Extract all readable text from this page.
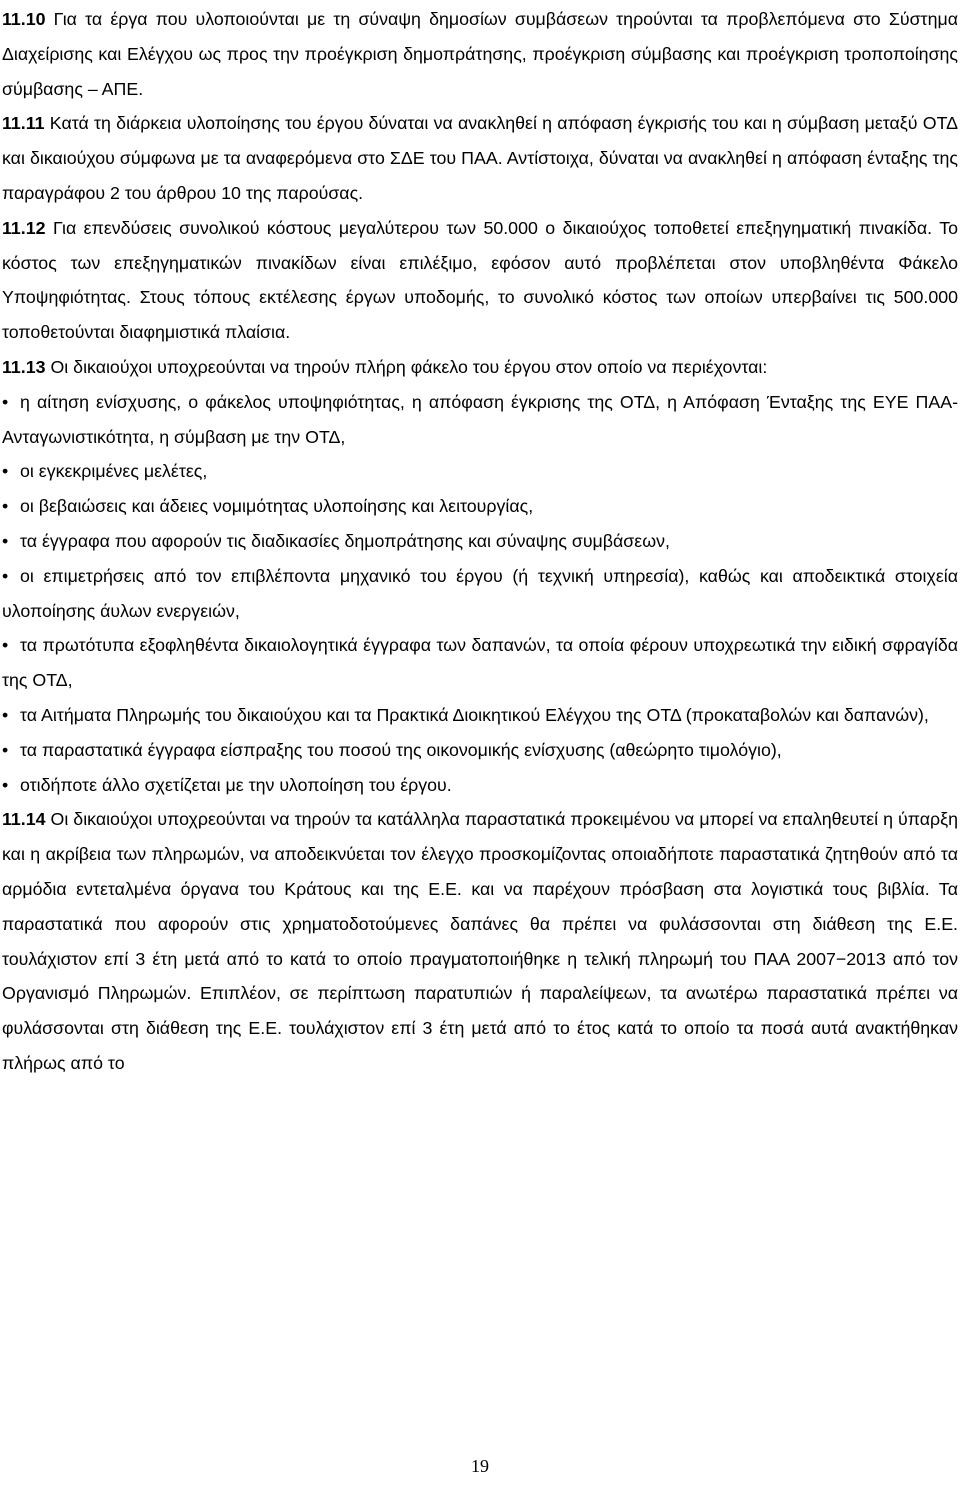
11.10 Για τα έργα που υλοποιούνται με τη σύναψη δημοσίων συμβάσεων τηρούνται τα προβλεπόμενα στο Σύστημα Διαχείρισης και Ελέγχου ως προς την προέγκριση δημοπράτησης, προέγκριση σύμβασης και προέγκριση τροποποίησης σύμβασης – ΑΠΕ.

11.11 Κατά τη διάρκεια υλοποίησης του έργου δύναται να ανακληθεί η απόφαση έγκρισής του και η σύμβαση μεταξύ ΟΤΔ και δικαιούχου σύμφωνα με τα αναφερόμενα στο ΣΔΕ του ΠΑΑ. Αντίστοιχα, δύναται να ανακληθεί η απόφαση ένταξης της παραγράφου 2 του άρθρου 10 της παρούσας.

11.12 Για επενδύσεις συνολικού κόστους μεγαλύτερου των 50.000 ο δικαιούχος τοποθετεί επεξηγηματική πινακίδα. Το κόστος των επεξηγηματικών πινακίδων είναι επιλέξιμο, εφόσον αυτό προβλέπεται στον υποβληθέντα Φάκελο Υποψηφιότητας. Στους τόπους εκτέλεσης έργων υποδομής, το συνολικό κόστος των οποίων υπερβαίνει τις 500.000 τοποθετούνται διαφημιστικά πλαίσια.

11.13 Οι δικαιούχοι υποχρεούνται να τηρούν πλήρη φάκελο του έργου στον οποίο να περιέχονται:

• η αίτηση ενίσχυσης, ο φάκελος υποψηφιότητας, η απόφαση έγκρισης της ΟΤΔ, η Απόφαση Ένταξης της ΕΥΕ ΠΑΑ-Ανταγωνιστικότητα, η σύμβαση με την ΟΤΔ,

• οι εγκεκριμένες μελέτες,

• οι βεβαιώσεις και άδειες νομιμότητας υλοποίησης και λειτουργίας,

• τα έγγραφα που αφορούν τις διαδικασίες δημοπράτησης και σύναψης συμβάσεων,

• οι επιμετρήσεις από τον επιβλέποντα μηχανικό του έργου (ή τεχνική υπηρεσία), καθώς και αποδεικτικά στοιχεία υλοποίησης άυλων ενεργειών,

• τα πρωτότυπα εξοφληθέντα δικαιολογητικά έγγραφα των δαπανών, τα οποία φέρουν υποχρεωτικά την ειδική σφραγίδα της ΟΤΔ,

• τα Αιτήματα Πληρωμής του δικαιούχου και τα Πρακτικά Διοικητικού Ελέγχου της ΟΤΔ (προκαταβολών και δαπανών),

• τα παραστατικά έγγραφα είσπραξης του ποσού της οικονομικής ενίσχυσης (αθεώρητο τιμολόγιο),

• οτιδήποτε άλλο σχετίζεται με την υλοποίηση του έργου.

11.14 Οι δικαιούχοι υποχρεούνται να τηρούν τα κατάλληλα παραστατικά προκειμένου να μπορεί να επαληθευτεί η ύπαρξη και η ακρίβεια των πληρωμών, να αποδεικνύεται τον έλεγχο προσκομίζοντας οποιαδήποτε παραστατικά ζητηθούν από τα αρμόδια εντεταλμένα όργανα του Κράτους και της Ε.Ε. και να παρέχουν πρόσβαση στα λογιστικά τους βιβλία. Τα παραστατικά που αφορούν στις χρηματοδοτούμενες δαπάνες θα πρέπει να φυλάσσονται στη διάθεση της Ε.Ε. τουλάχιστον επί 3 έτη μετά από το κατά το οποίο πραγματοποιήθηκε η τελική πληρωμή του ΠΑΑ 2007−2013 από τον Οργανισμό Πληρωμών. Επιπλέον, σε περίπτωση παρατυπιών ή παραλείψεων, τα ανωτέρω παραστατικά πρέπει να φυλάσσονται στη διάθεση της Ε.Ε. τουλάχιστον επί 3 έτη μετά από το έτος κατά το οποίο τα ποσά αυτά ανακτήθηκαν πλήρως από το

19
